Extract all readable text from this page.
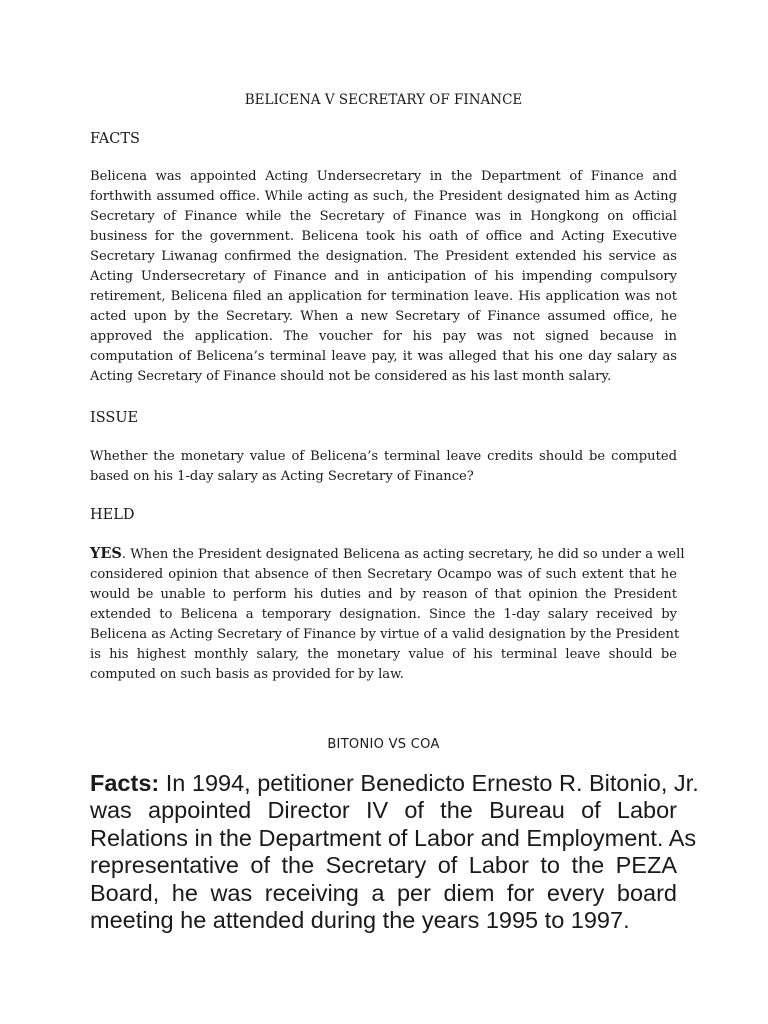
BELICENA V SECRETARY OF FINANCE
FACTS
Belicena was appointed Acting Undersecretary in the Department of Finance and
forthwith assumed office. While acting as such, the President designated him as Acting
Secretary of Finance while the Secretary of Finance was in Hongkong on official
business for the government. Belicena took his oath of office and Acting Executive
Secretary Liwanag confirmed the designation. The President extended his service as
Acting Undersecretary of Finance and in anticipation of his impending compulsory
retirement, Belicena filed an application for termination leave. His application was not
acted upon by the Secretary. When a new Secretary of Finance assumed office, he
approved the application. The voucher for his pay was not signed because in
computation of Belicena’s terminal leave pay, it was alleged that his one day salary as
Acting Secretary of Finance should not be considered as his last month salary.
ISSUE
Whether the monetary value of Belicena’s terminal leave credits should be computed
based on his 1-day salary as Acting Secretary of Finance?
HELD
YES. When the President designated Belicena as acting secretary, he did so under a well
considered opinion that absence of then Secretary Ocampo was of such extent that he
would be unable to perform his duties and by reason of that opinion the President
extended to Belicena a temporary designation. Since the 1-day salary received by
Belicena as Acting Secretary of Finance by virtue of a valid designation by the President
is his highest monthly salary, the monetary value of his terminal leave should be
computed on such basis as provided for by law.
BITONIO VS COA
Facts: In 1994, petitioner Benedicto Ernesto R. Bitonio, Jr.
was appointed Director IV of the Bureau of Labor
Relations in the Department of Labor and Employment. As
representative of the Secretary of Labor to the PEZA
Board, he was receiving a per diem for every board
meeting he attended during the years 1995 to 1997.
